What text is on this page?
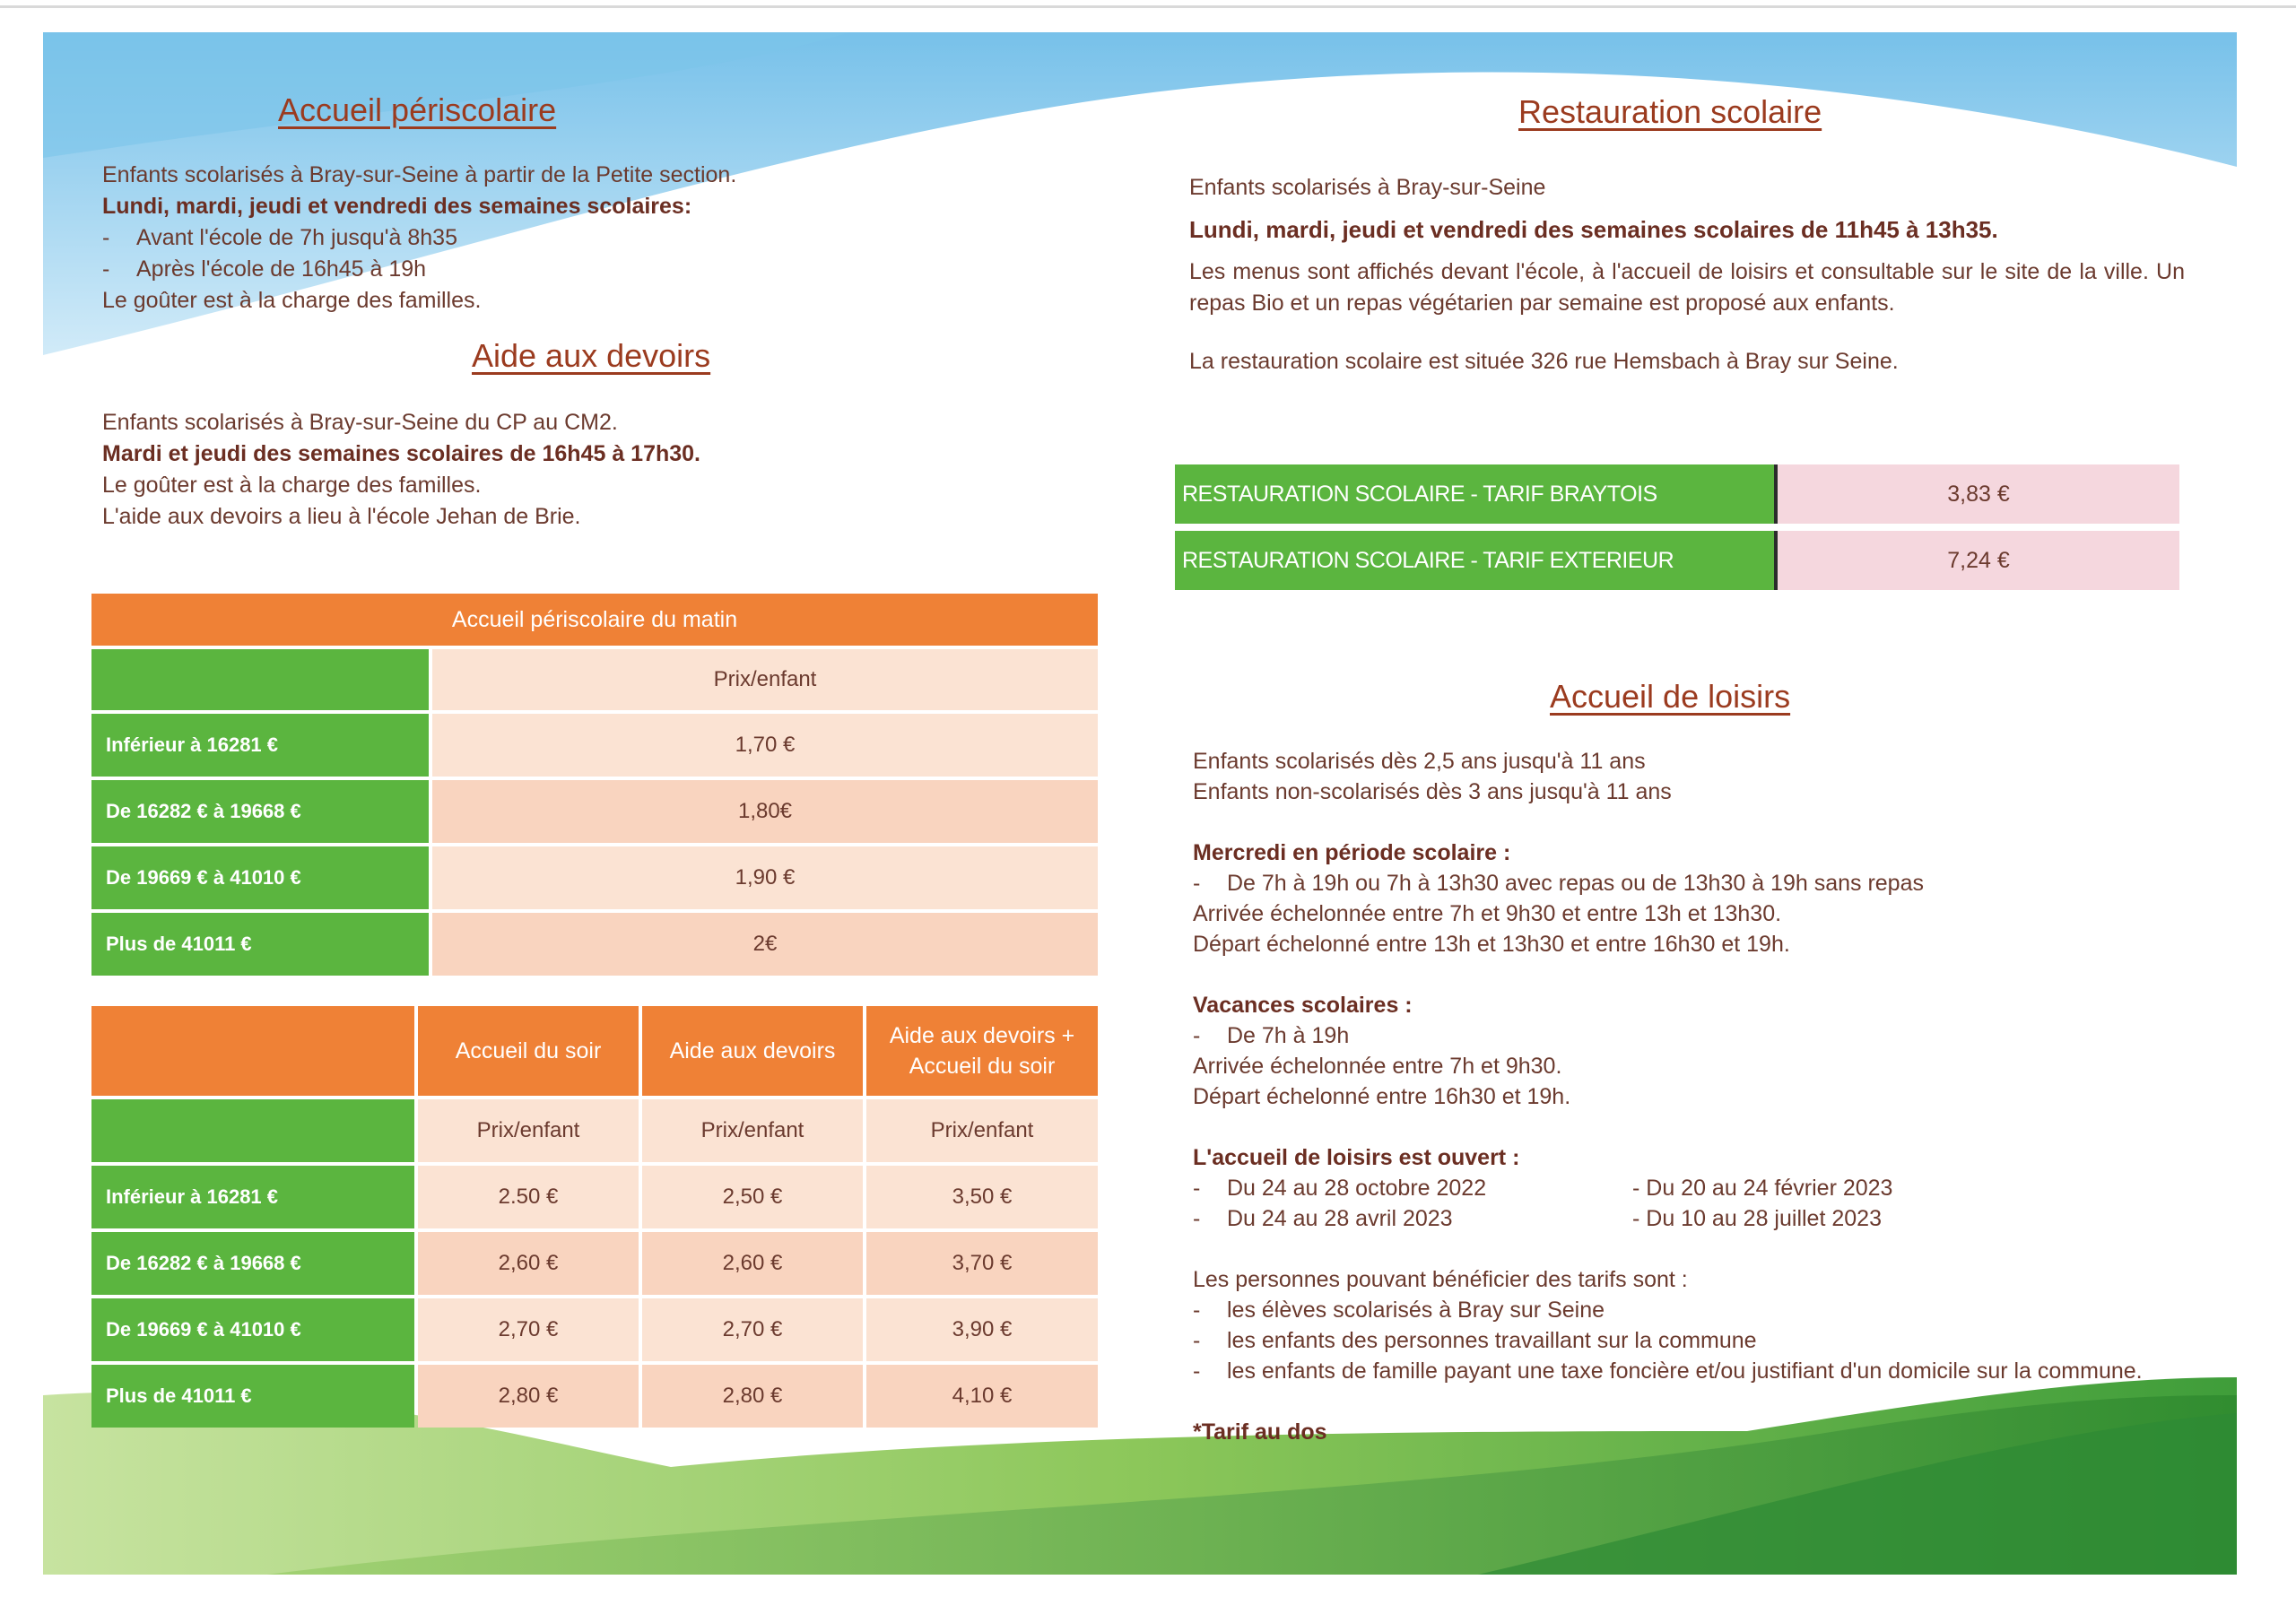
Accueil périscolaire

Enfants scolarisés à Bray-sur-Seine à partir de la Petite section.

Lundi, mardi, jeudi et vendredi des semaines scolaires:

- Avant l'école de 7h jusqu'à 8h35

- Après l'école de 16h45 à 19h

Le goûter est à la charge des familles.

Aide aux devoirs

Enfants scolarisés à Bray-sur-Seine du CP au CM2.

Mardi et jeudi des semaines scolaires de 16h45 à 17h30.

Le goûter est à la charge des familles.

L'aide aux devoirs a lieu à l'école Jehan de Brie.

Accueil périscolaire du matin	
	Prix/enfant
Inférieur à 16281 €	1,70 €
De 16282 € à 19668 €	1,80€
De 19669 € à 41010 €	1,90 €
Plus de 41011 €	2€
	Accueil du soir	Aide aux devoirs	Aide aux devoirs +
Accueil du soir
	Prix/enfant	Prix/enfant	Prix/enfant
Inférieur à 16281 €	2.50 €	2,50 €	3,50 €
De 16282 € à 19668 €	2,60 €	2,60 €	3,70 €
De 19669 € à 41010 €	2,70 €	2,70 €	3,90 €
Plus de 41011 €	2,80 €	2,80 €	4,10 €
Restauration scolaire

Enfants scolarisés à Bray-sur-Seine

Lundi, mardi, jeudi et vendredi des semaines scolaires de 11h45 à 13h35.

Les menus sont affichés devant l'école, à l'accueil de loisirs et consultable sur le site de la ville. Un repas Bio et un repas végétarien par semaine est proposé aux enfants.

La restauration scolaire est située 326 rue Hemsbach à Bray sur Seine.

RESTAURATION SCOLAIRE - TARIF BRAYTOIS	3,83 €
RESTAURATION SCOLAIRE - TARIF EXTERIEUR	7,24 €
Accueil de loisirs

Enfants scolarisés dès 2,5 ans jusqu'à 11 ans

Enfants non-scolarisés dès 3 ans jusqu'à 11 ans

Mercredi en période scolaire :

- De 7h à 19h ou 7h à 13h30 avec repas ou de 13h30 à 19h sans repas

Arrivée échelonnée entre 7h et 9h30 et entre 13h et 13h30.

Départ échelonné entre 13h et 13h30 et entre 16h30 et 19h.

Vacances scolaires :

- De 7h à 19h

Arrivée échelonnée entre 7h et 9h30.

Départ échelonné entre 16h30 et 19h.

L'accueil de loisirs est ouvert :

- Du 24 au 28 octobre 2022

- Du 24 au 28 avril 2023

- Du 20 au 24 février 2023

- Du 10 au 28 juillet 2023

Les personnes pouvant bénéficier des tarifs sont :

- les élèves scolarisés à Bray sur Seine

- les enfants des personnes travaillant sur la commune

- les enfants de famille payant une taxe foncière et/ou justifiant d'un domicile sur la commune.

*Tarif au dos
